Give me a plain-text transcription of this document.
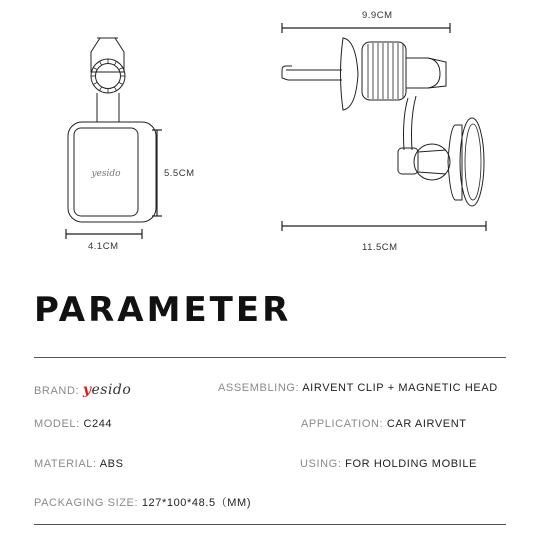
yesido
4.1CM
5.5CM
9.9CM
11.5CM
PARAMETER
BRAND: yesido	ASSEMBLING: AIRVENT CLIP + MAGNETIC HEAD
MODEL: C244	APPLICATION: CAR AIRVENT
MATERIAL: ABS	USING: FOR HOLDING MOBILE
PACKAGING SIZE: 127*100*48.5（MM)
